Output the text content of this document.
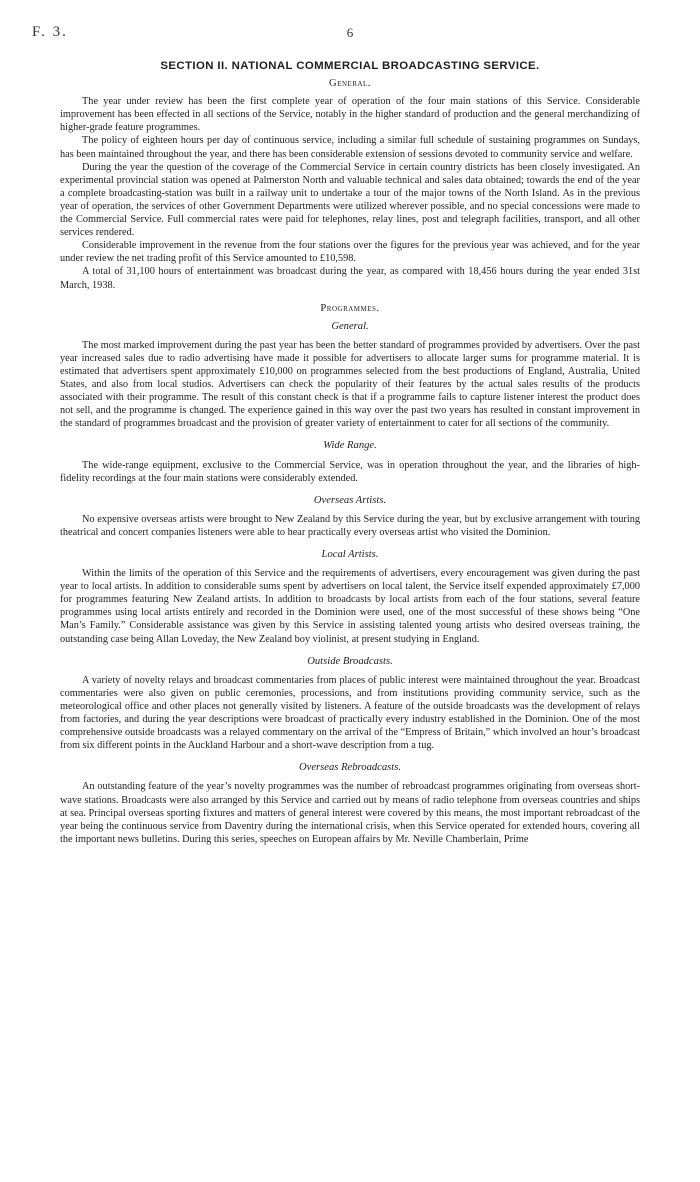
F. 3.	6
SECTION II. NATIONAL COMMERCIAL BROADCASTING SERVICE.
General.

The year under review has been the first complete year of operation of the four main stations of this Service. Considerable improvement has been effected in all sections of the Service, notably in the higher standard of production and the general merchandizing of higher-grade feature programmes.

The policy of eighteen hours per day of continuous service, including a similar full schedule of sustaining programmes on Sundays, has been maintained throughout the year, and there has been considerable extension of sessions devoted to community service and welfare.

During the year the question of the coverage of the Commercial Service in certain country districts has been closely investigated. An experimental provincial station was opened at Palmerston North and valuable technical and sales data obtained; towards the end of the year a complete broadcasting-station was built in a railway unit to undertake a tour of the major towns of the North Island. As in the previous year of operation, the services of other Government Departments were utilized wherever possible, and no special concessions were made to the Commercial Service. Full commercial rates were paid for telephones, relay lines, post and telegraph facilities, transport, and all other services rendered.

Considerable improvement in the revenue from the four stations over the figures for the previous year was achieved, and for the year under review the net trading profit of this Service amounted to £10,598.

A total of 31,100 hours of entertainment was broadcast during the year, as compared with 18,456 hours during the year ended 31st March, 1938.

Programmes.
General.

The most marked improvement during the past year has been the better standard of programmes provided by advertisers. Over the past year increased sales due to radio advertising have made it possible for advertisers to allocate larger sums for programme material. It is estimated that advertisers spent approximately £10,000 on programmes selected from the best productions of England, Australia, United States, and also from local studios. Advertisers can check the popularity of their features by the actual sales results of the products associated with their programme. The result of this constant check is that if a programme fails to capture listener interest the product does not sell, and the programme is changed. The experience gained in this way over the past two years has resulted in constant improvement in the standard of programmes broadcast and the provision of greater variety of entertainment to cater for all sections of the community.

Wide Range.

The wide-range equipment, exclusive to the Commercial Service, was in operation throughout the year, and the libraries of high-fidelity recordings at the four main stations were considerably extended.

Overseas Artists.

No expensive overseas artists were brought to New Zealand by this Service during the year, but by exclusive arrangement with touring theatrical and concert companies listeners were able to hear practically every overseas artist who visited the Dominion.

Local Artists.

Within the limits of the operation of this Service and the requirements of advertisers, every encouragement was given during the past year to local artists. In addition to considerable sums spent by advertisers on local talent, the Service itself expended approximately £7,000 for programmes featuring New Zealand artists. In addition to broadcasts by local artists from each of the four stations, several feature programmes using local artists entirely and recorded in the Dominion were used, one of the most successful of these shows being “One Man’s Family.” Considerable assistance was given by this Service in assisting talented young artists who desired overseas training, the outstanding case being Allan Loveday, the New Zealand boy violinist, at present studying in England.

Outside Broadcasts.

A variety of novelty relays and broadcast commentaries from places of public interest were maintained throughout the year. Broadcast commentaries were also given on public ceremonies, processions, and from institutions providing community service, such as the meteorological office and other places not generally visited by listeners. A feature of the outside broadcasts was the development of relays from factories, and during the year descriptions were broadcast of practically every industry established in the Dominion. One of the most comprehensive outside broadcasts was a relayed commentary on the arrival of the “Empress of Britain,” which involved an hour’s broadcast from six different points in the Auckland Harbour and a short-wave description from a tug.

Overseas Rebroadcasts.

An outstanding feature of the year’s novelty programmes was the number of rebroadcast programmes originating from overseas short-wave stations. Broadcasts were also arranged by this Service and carried out by means of radio telephone from overseas countries and ships at sea. Principal overseas sporting fixtures and matters of general interest were covered by this means, the most important rebroadcast of the year being the continuous service from Daventry during the international crisis, when this Service operated for extended hours, covering all the important news bulletins. During this series, speeches on European affairs by Mr. Neville Chamberlain, Prime
